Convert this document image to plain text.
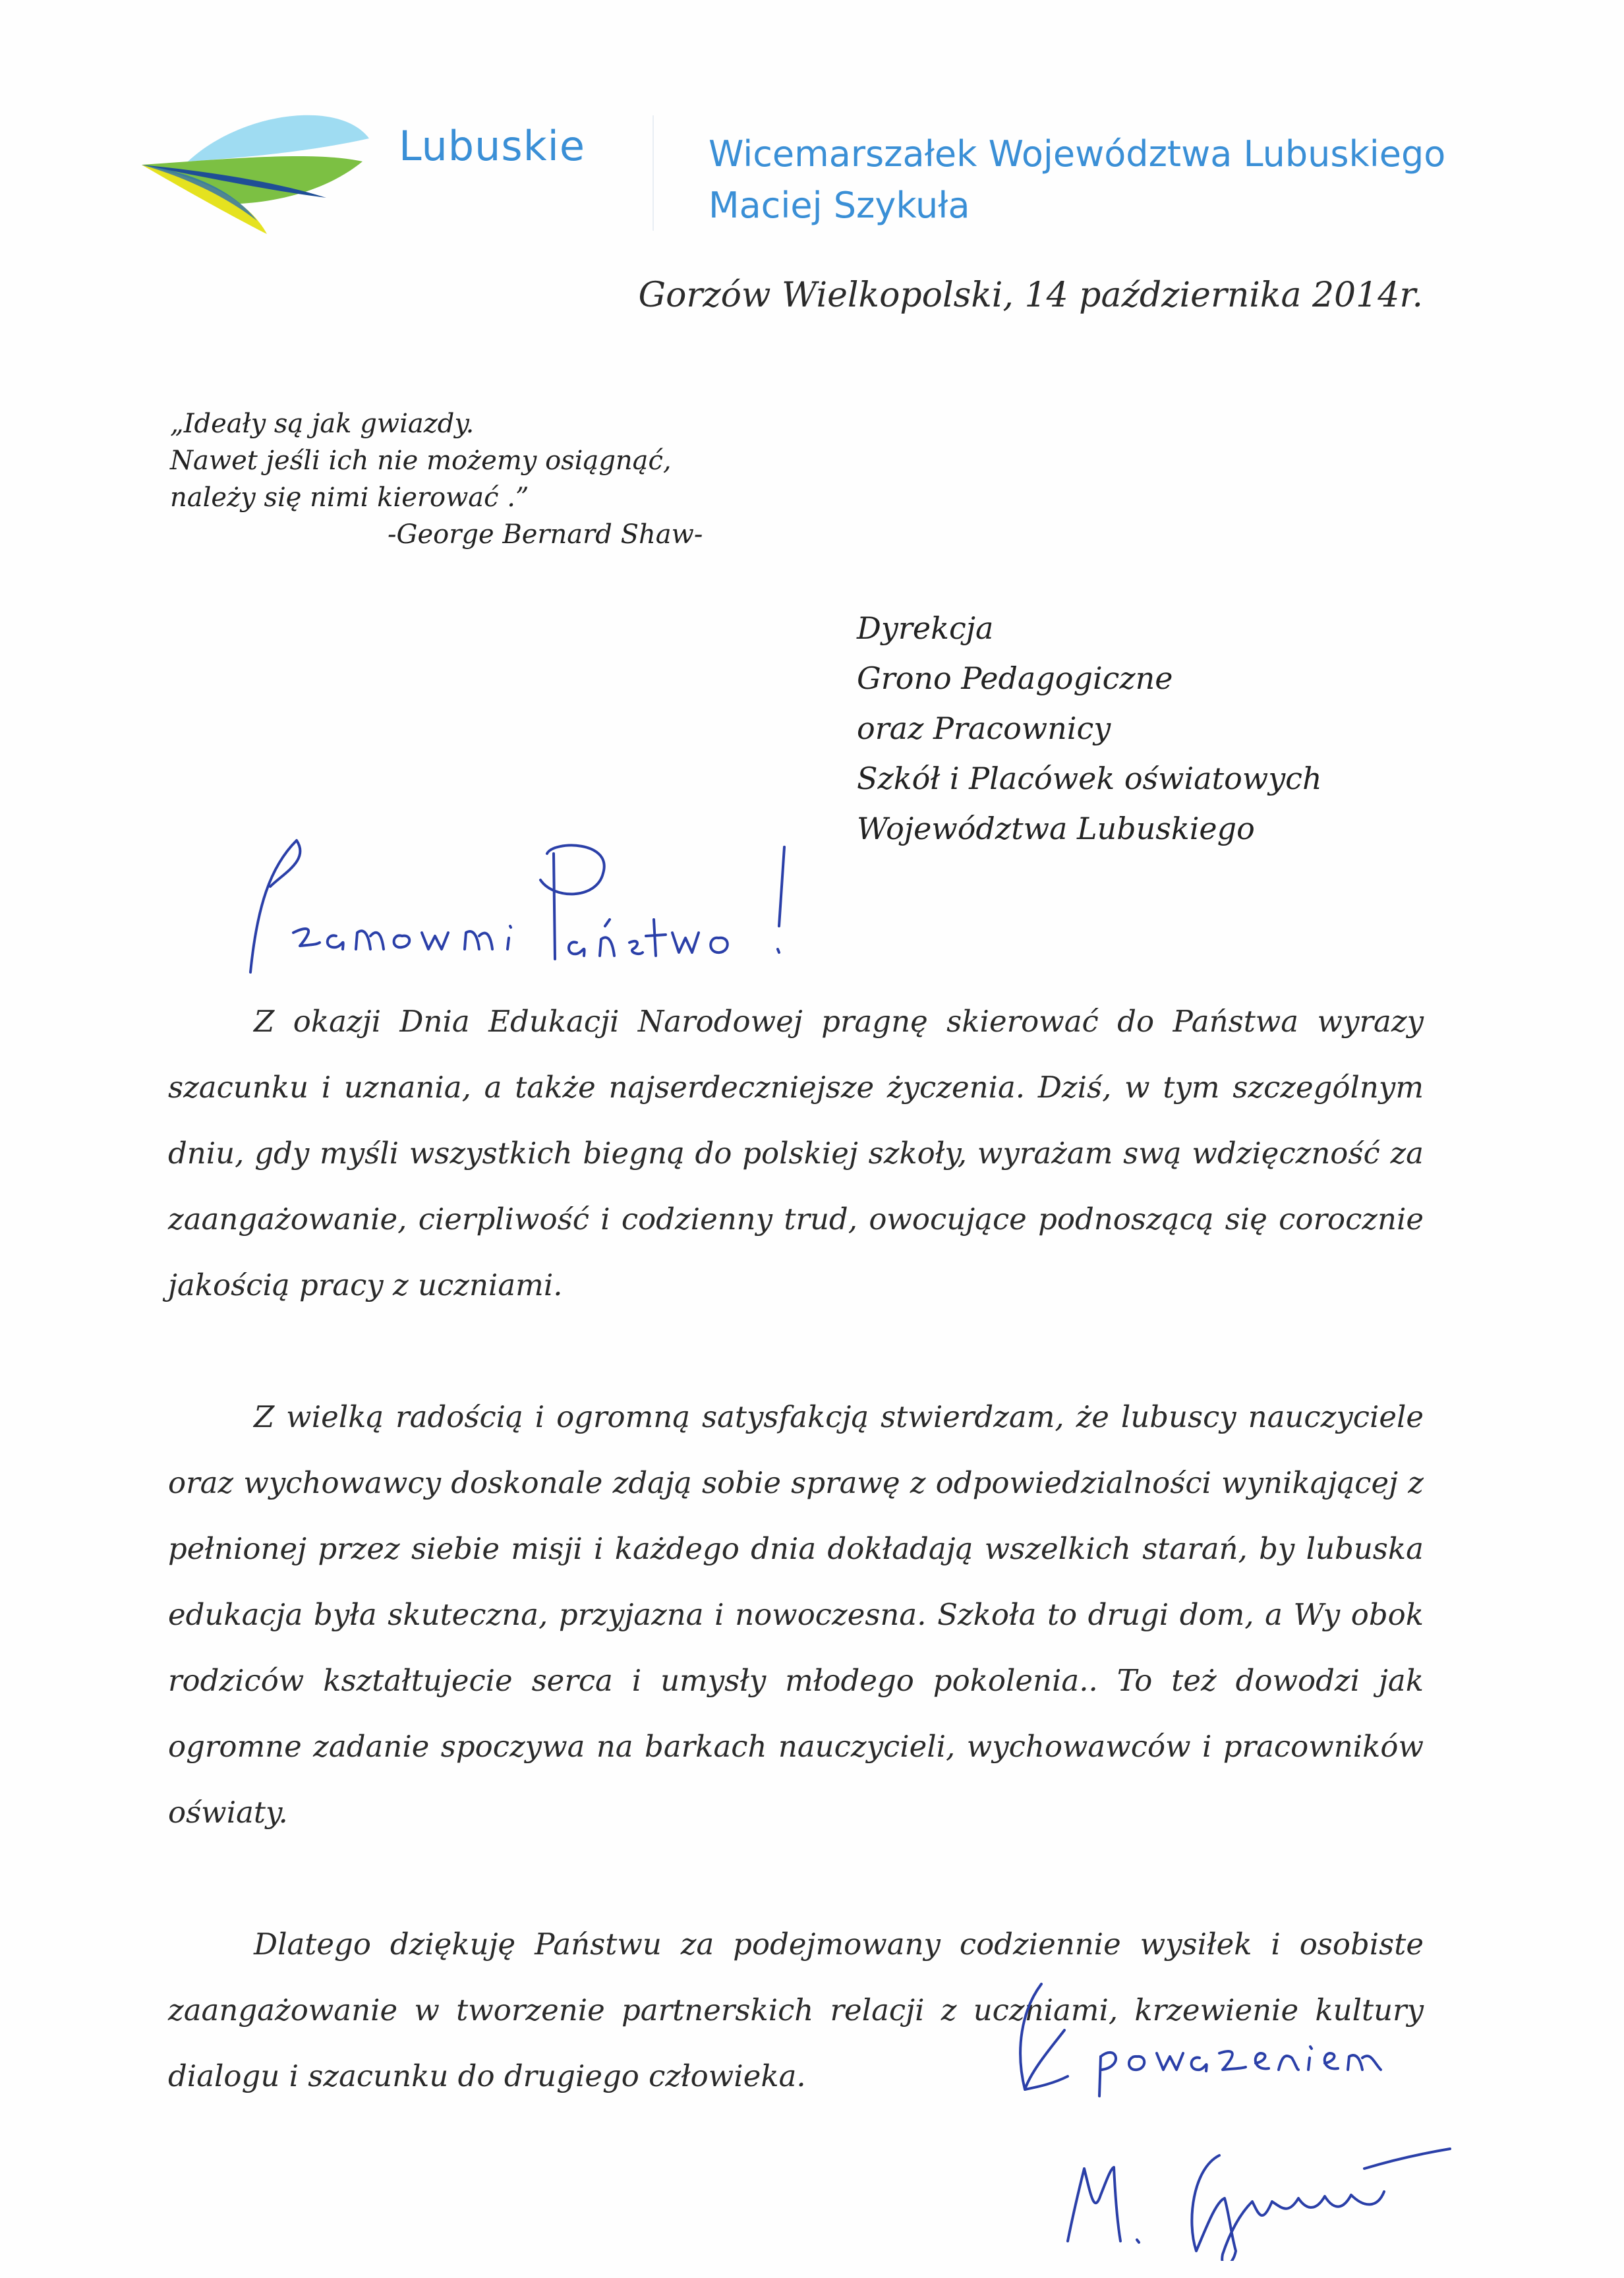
Lubuskie	Wicemarszałek Województwa Lubuskiego
Maciej Szykuła
Gorzów Wielkopolski, 14 października 2014r.
„Ideały są jak gwiazdy.
Nawet jeśli ich nie możemy osiągnąć,
należy się nimi kierować .”
-George Bernard Shaw-
Dyrekcja
Grono Pedagogiczne
oraz Pracownicy
Szkół i Placówek oświatowych
Województwa Lubuskiego
Szanowni Państwo!

Z okazji Dnia Edukacji Narodowej pragnę skierować do Państwa wyrazy szacunku i uznania, a także najserdeczniejsze życzenia. Dziś, w tym szczególnym dniu, gdy myśli wszystkich biegną do polskiej szkoły, wyrażam swą wdzięczność za zaangażowanie, cierpliwość i codzienny trud, owocujące podnoszącą się corocznie jakością pracy z uczniami.

Z wielką radością i ogromną satysfakcją stwierdzam, że lubuscy nauczyciele oraz wychowawcy doskonale zdają sobie sprawę z odpowiedzialności wynikającej z pełnionej przez siebie misji i każdego dnia dokładają wszelkich starań, by lubuska edukacja była skuteczna, przyjazna i nowoczesna. Szkoła to drugi dom, a Wy obok rodziców kształtujecie serca i umysły młodego pokolenia.. To też dowodzi jak ogromne zadanie spoczywa na barkach nauczycieli, wychowawców i pracowników oświaty.

Dlatego dziękuję Państwu za podejmowany codziennie wysiłek i osobiste zaangażowanie w tworzenie partnerskich relacji z uczniami, krzewienie kultury dialogu i szacunku do drugiego człowieka.

Z poważaniem
